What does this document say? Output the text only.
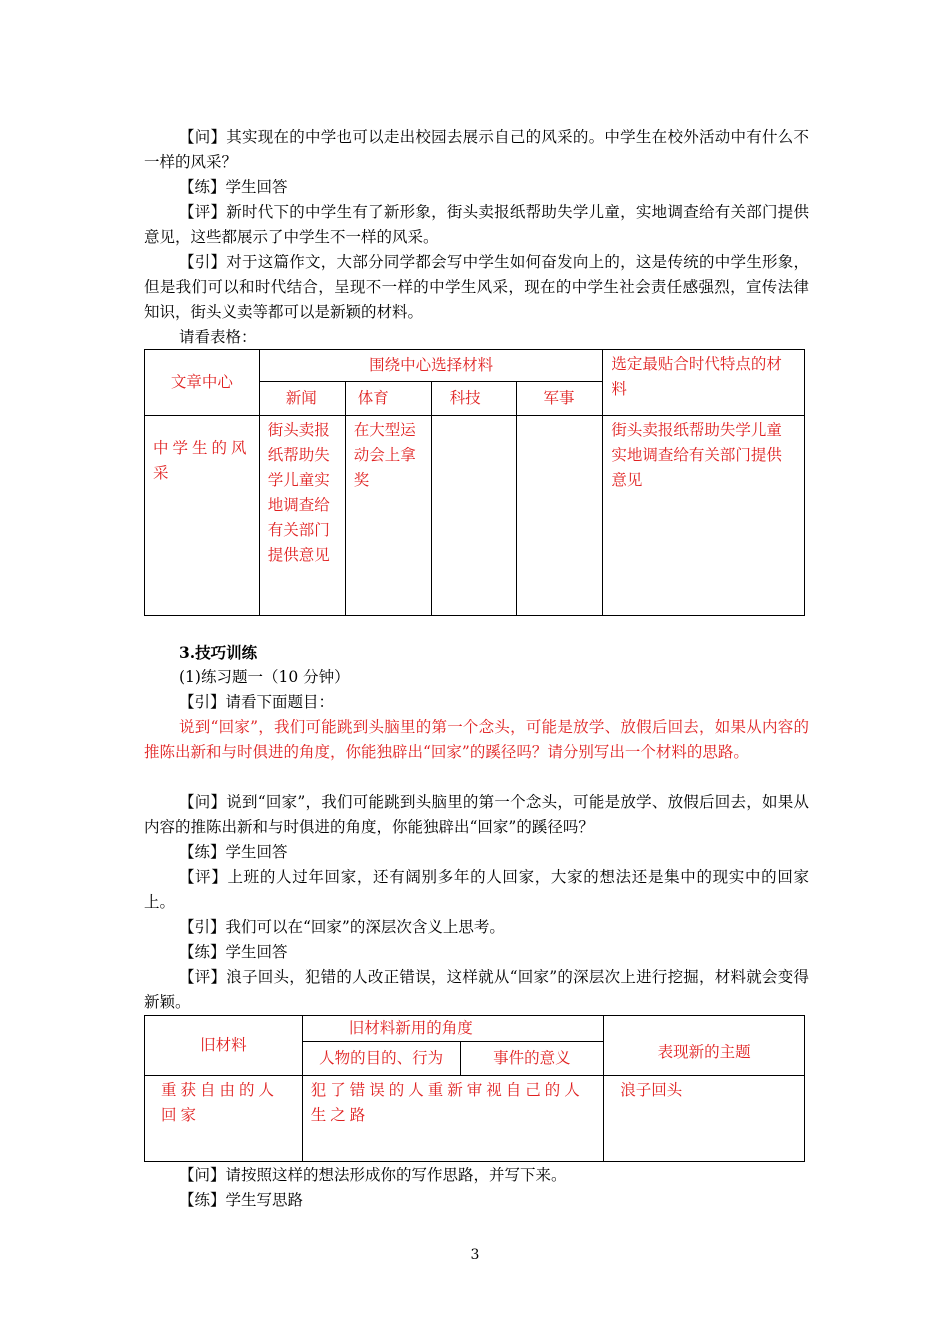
【问】其实现在的中学也可以走出校园去展示自己的风采的。中学生在校外活动中有什么不一样的风采？

【练】学生回答

【评】新时代下的中学生有了新形象，街头卖报纸帮助失学儿童，实地调查给有关部门提供意见，这些都展示了中学生不一样的风采。

【引】对于这篇作文，大部分同学都会写中学生如何奋发向上的，这是传统的中学生形象，但是我们可以和时代结合，呈现不一样的中学生风采，现在的中学生社会责任感强烈，宣传法律知识，街头义卖等都可以是新颖的材料。

请看表格：

文章中心	围绕中心选择材料				选定最贴合时代特点的材料
	新闻	体育	科技	军事	
中学生的风采	街头卖报纸帮助失学儿童实地调查给有关部门提供意见	在大型运动会上拿奖			街头卖报纸帮助失学儿童
实地调查给有关部门提供意见

3.技巧训练

(1)练习题一（10 分钟）

【引】请看下面题目：

说到“回家”，我们可能跳到头脑里的第一个念头，可能是放学、放假后回去，如果从内容的推陈出新和与时俱进的角度，你能独辟出“回家”的蹊径吗？请分别写出一个材料的思路。

【问】说到“回家”，我们可能跳到头脑里的第一个念头，可能是放学、放假后回去，如果从内容的推陈出新和与时俱进的角度，你能独辟出“回家”的蹊径吗？

【练】学生回答

【评】上班的人过年回家，还有阔别多年的人回家，大家的想法还是集中的现实中的回家上。

【引】我们可以在“回家”的深层次含义上思考。

【练】学生回答

【评】浪子回头，犯错的人改正错误，这样就从“回家”的深层次上进行挖掘，材料就会变得新颖。

旧材料	旧材料新用的角度		表现新的主题
	人物的目的、行为	事件的意义	
重获自由的人回家	犯了错误的人重新审视自己的人生之路		浪子回头

【问】请按照这样的想法形成你的写作思路，并写下来。

【练】学生写思路

3
